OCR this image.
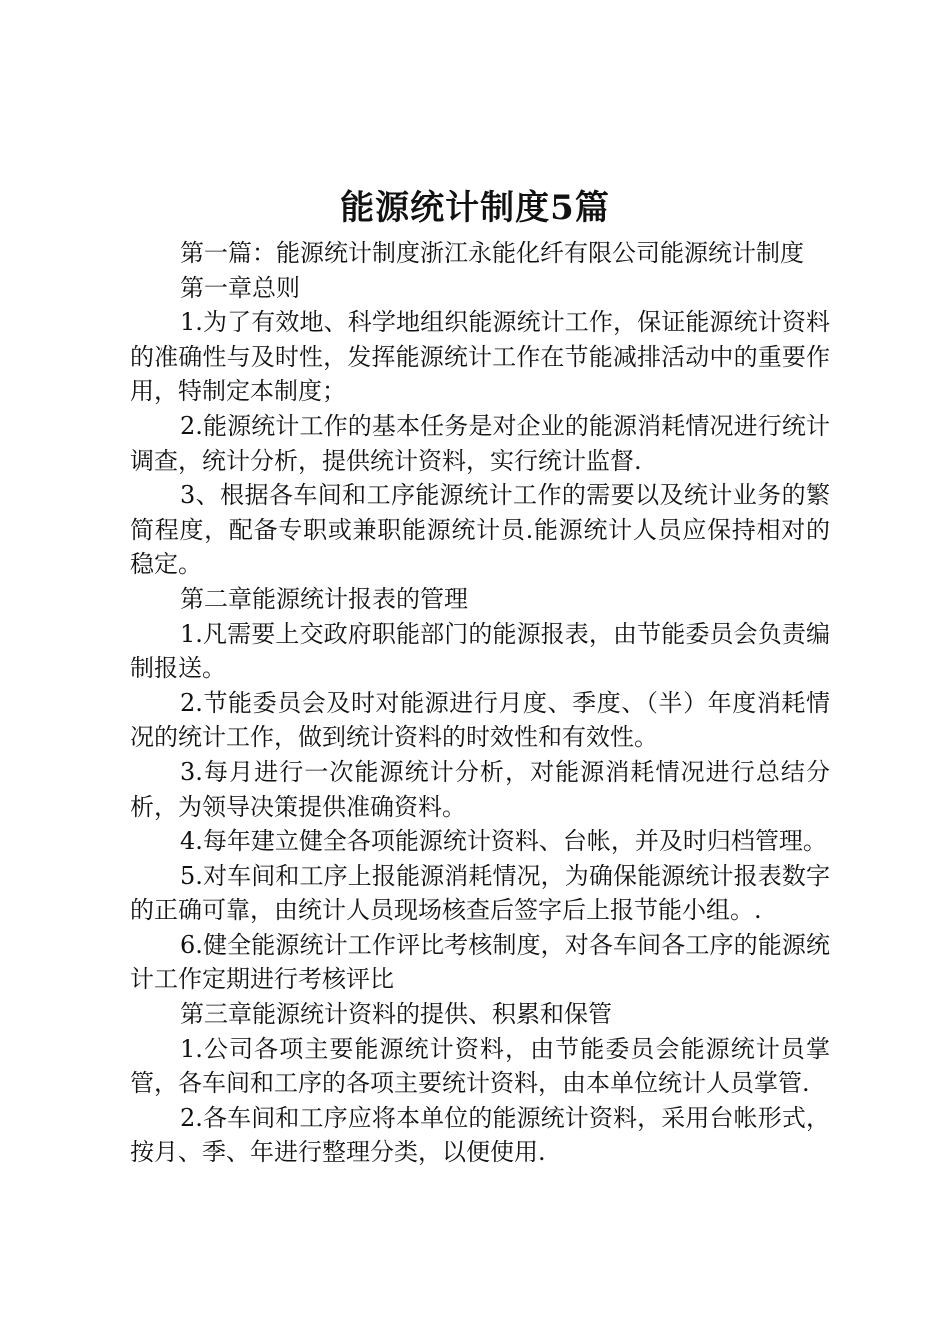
能源统计制度5篇

第一篇：能源统计制度浙江永能化纤有限公司能源统计制度

第一章总则

1.为了有效地、科学地组织能源统计工作，保证能源统计资料的准确性与及时性，发挥能源统计工作在节能减排活动中的重要作用，特制定本制度；

2.能源统计工作的基本任务是对企业的能源消耗情况进行统计调查，统计分析，提供统计资料，实行统计监督.

3、根据各车间和工序能源统计工作的需要以及统计业务的繁简程度，配备专职或兼职能源统计员.能源统计人员应保持相对的稳定。

第二章能源统计报表的管理

1.凡需要上交政府职能部门的能源报表，由节能委员会负责编制报送。

2.节能委员会及时对能源进行月度、季度、（半）年度消耗情况的统计工作，做到统计资料的时效性和有效性。

3.每月进行一次能源统计分析，对能源消耗情况进行总结分析，为领导决策提供准确资料。

4.每年建立健全各项能源统计资料、台帐，并及时归档管理。

5.对车间和工序上报能源消耗情况，为确保能源统计报表数字的正确可靠，由统计人员现场核查后签字后上报节能小组。.

6.健全能源统计工作评比考核制度，对各车间各工序的能源统计工作定期进行考核评比

第三章能源统计资料的提供、积累和保管

1.公司各项主要能源统计资料，由节能委员会能源统计员掌管，各车间和工序的各项主要统计资料，由本单位统计人员掌管.

2.各车间和工序应将本单位的能源统计资料，采用台帐形式，按月、季、年进行整理分类，以便使用.
